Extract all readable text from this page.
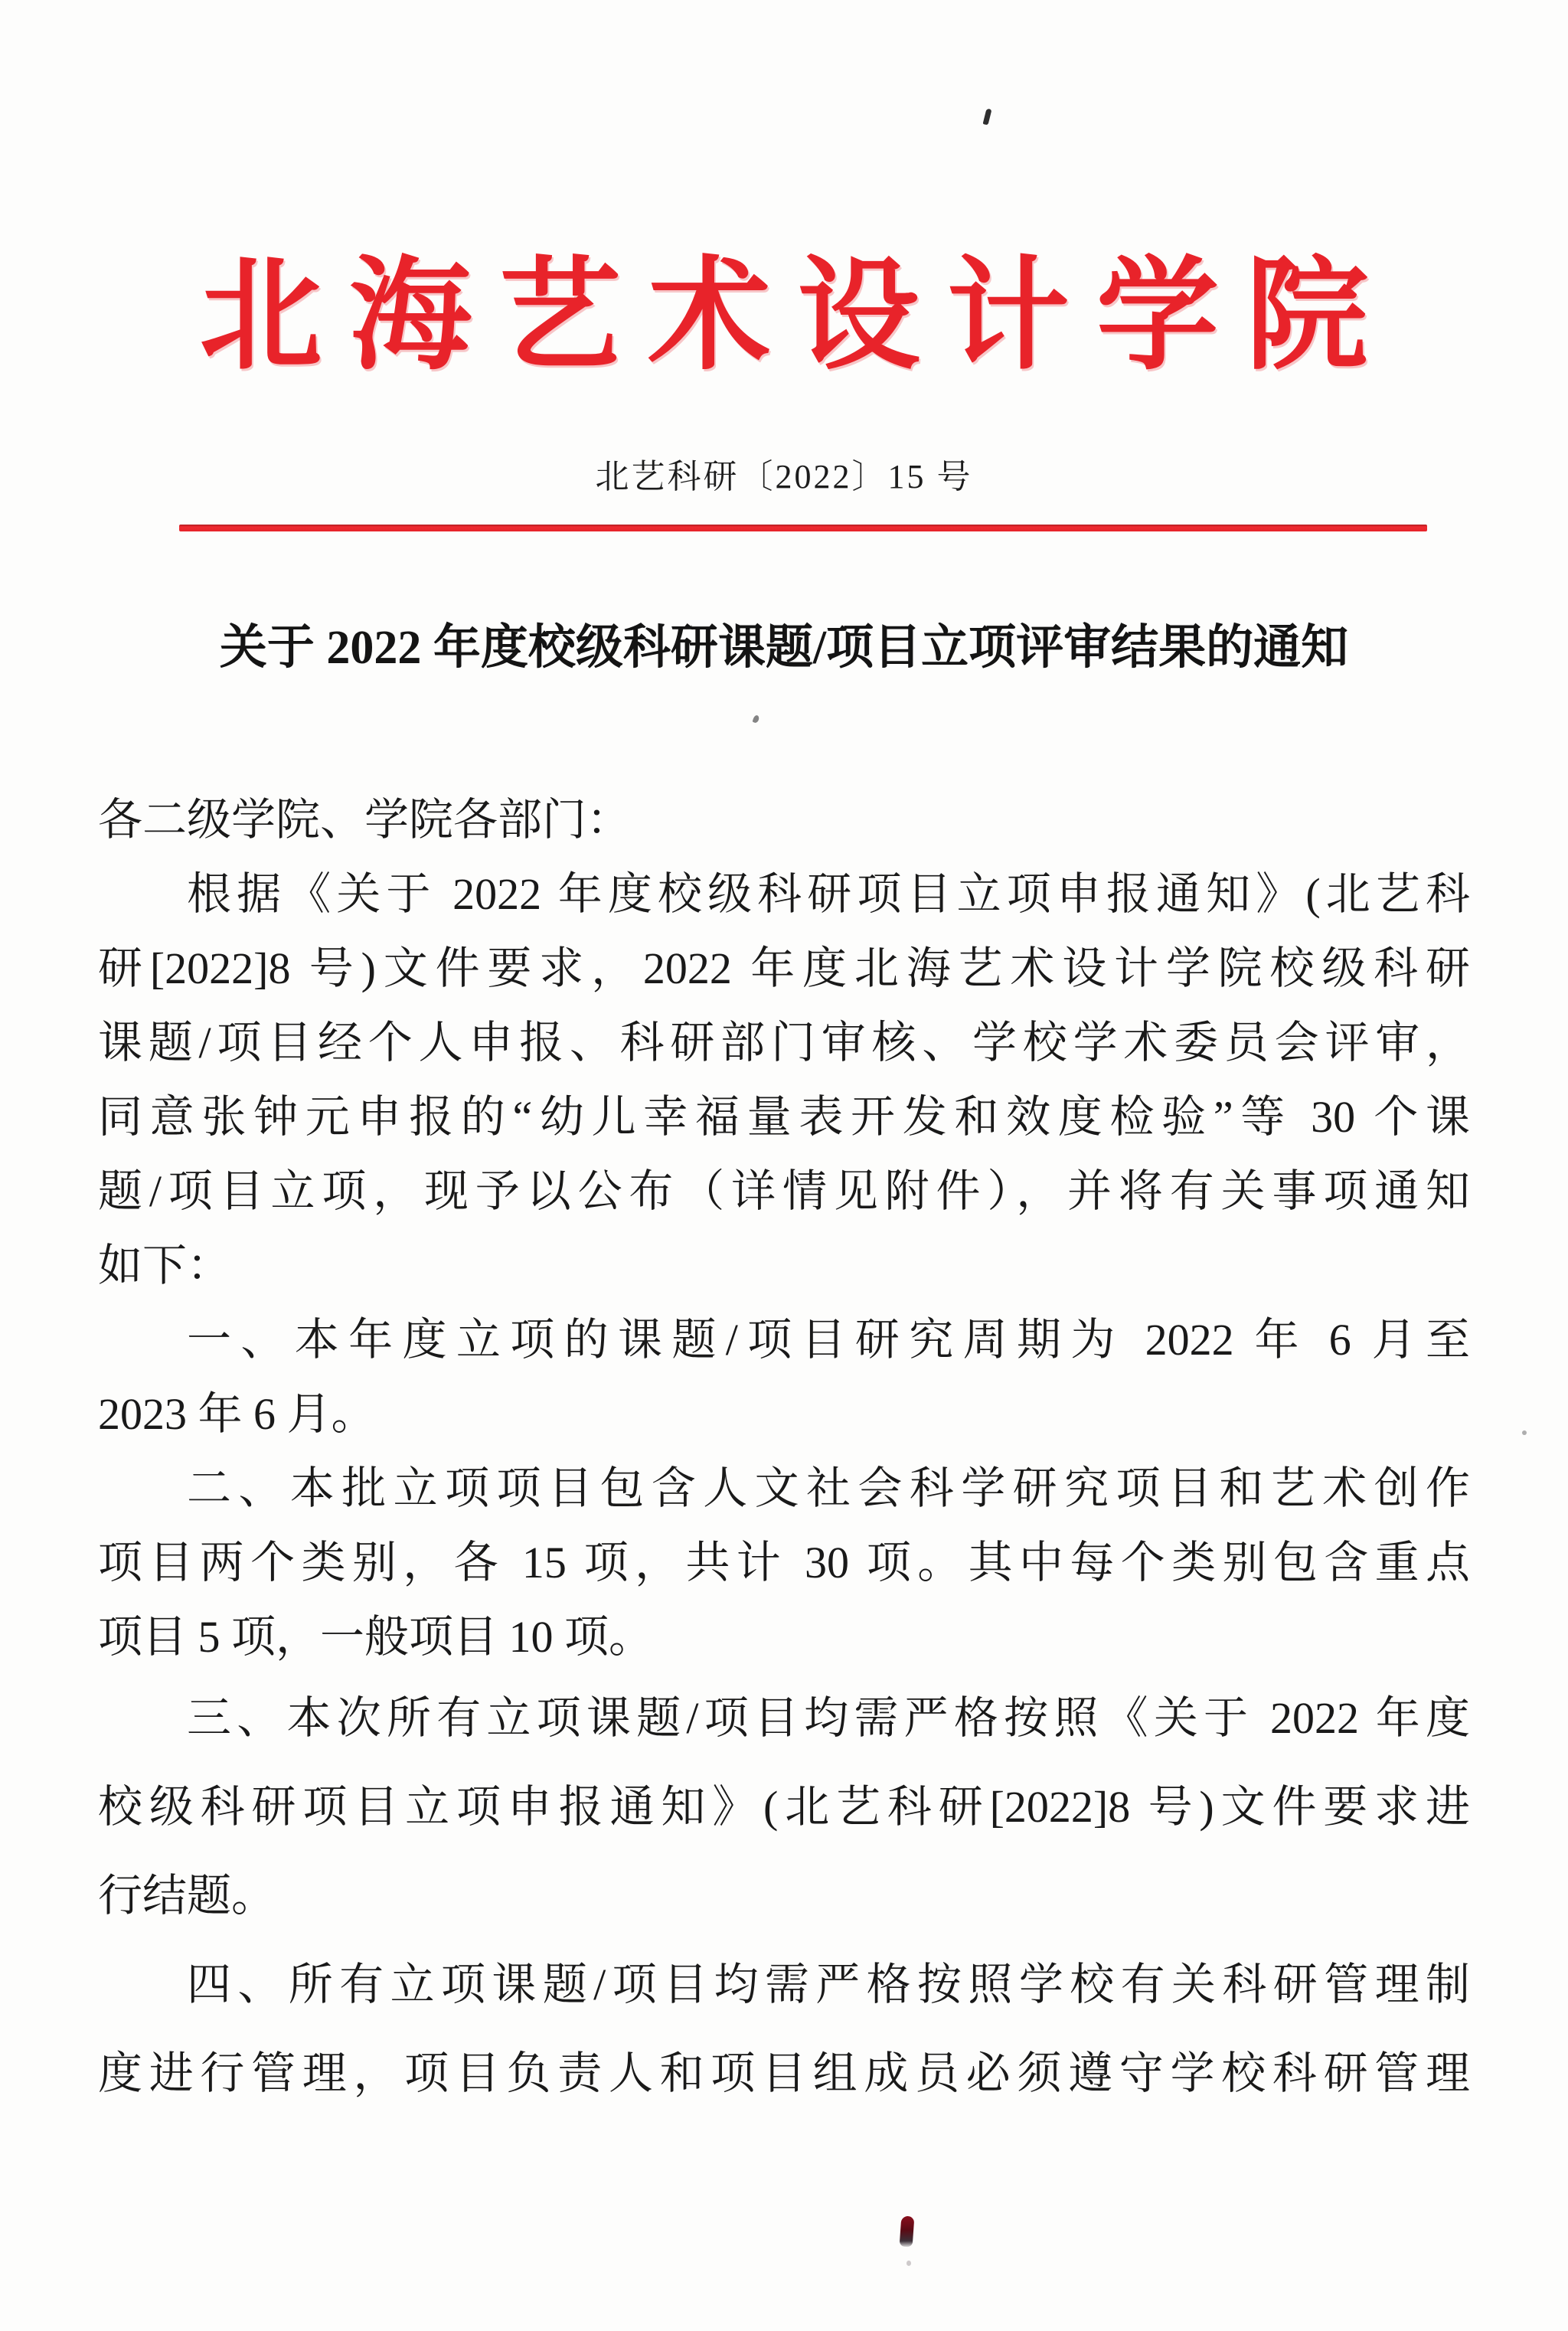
北海艺术设计学院
北艺科研〔2022〕15 号
关于 2022 年度校级科研课题/项目立项评审结果的通知
各二级学院、学院各部门：
根据《关于 2022 年度校级科研项目立项申报通知》(北艺科
研[2022]8 号)文件要求，2022 年度北海艺术设计学院校级科研
课题/项目经个人申报、科研部门审核、学校学术委员会评审，
同意张钟元申报的“幼儿幸福量表开发和效度检验”等 30 个课
题/项目立项，现予以公布（详情见附件），并将有关事项通知
如下：
一、本年度立项的课题/项目研究周期为 2022 年 6 月至
2023 年 6 月。
二、本批立项项目包含人文社会科学研究项目和艺术创作
项目两个类别，各 15 项，共计 30 项。其中每个类别包含重点
项目 5 项，一般项目 10 项。
三、本次所有立项课题/项目均需严格按照《关于 2022 年度
校级科研项目立项申报通知》(北艺科研[2022]8 号)文件要求进
行结题。
四、所有立项课题/项目均需严格按照学校有关科研管理制
度进行管理，项目负责人和项目组成员必须遵守学校科研管理
